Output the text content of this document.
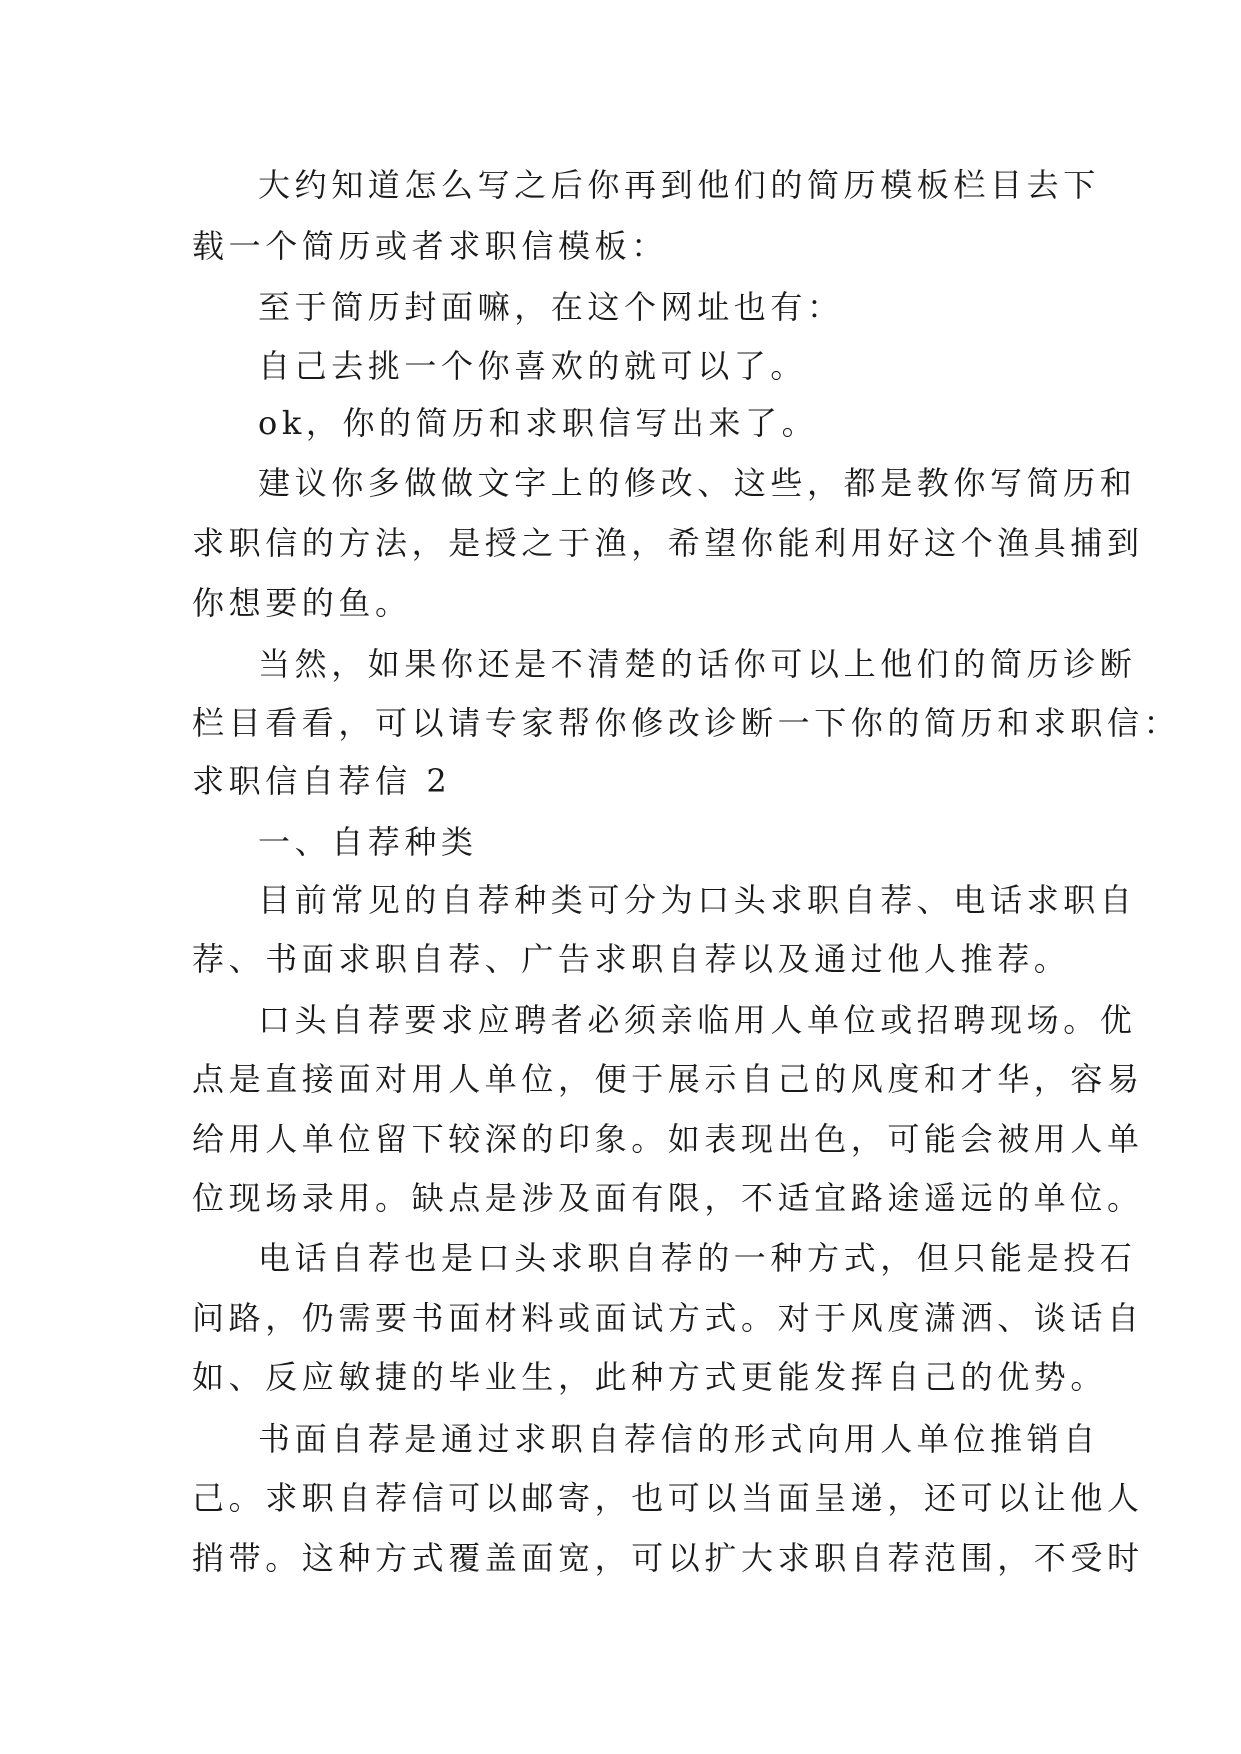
大约知道怎么写之后你再到他们的简历模板栏目去下
载一个简历或者求职信模板：
至于简历封面嘛，在这个网址也有：
自己去挑一个你喜欢的就可以了。
ok，你的简历和求职信写出来了。
建议你多做做文字上的修改、这些，都是教你写简历和
求职信的方法，是授之于渔，希望你能利用好这个渔具捕到
你想要的鱼。
当然，如果你还是不清楚的话你可以上他们的简历诊断
栏目看看，可以请专家帮你修改诊断一下你的简历和求职信：
求职信自荐信 2
一、自荐种类
目前常见的自荐种类可分为口头求职自荐、电话求职自
荐、书面求职自荐、广告求职自荐以及通过他人推荐。
口头自荐要求应聘者必须亲临用人单位或招聘现场。优
点是直接面对用人单位，便于展示自己的风度和才华，容易
给用人单位留下较深的印象。如表现出色，可能会被用人单
位现场录用。缺点是涉及面有限，不适宜路途遥远的单位。
电话自荐也是口头求职自荐的一种方式，但只能是投石
问路，仍需要书面材料或面试方式。对于风度潇洒、谈话自
如、反应敏捷的毕业生，此种方式更能发挥自己的优势。
书面自荐是通过求职自荐信的形式向用人单位推销自
己。求职自荐信可以邮寄，也可以当面呈递，还可以让他人
捎带。这种方式覆盖面宽，可以扩大求职自荐范围，不受时
